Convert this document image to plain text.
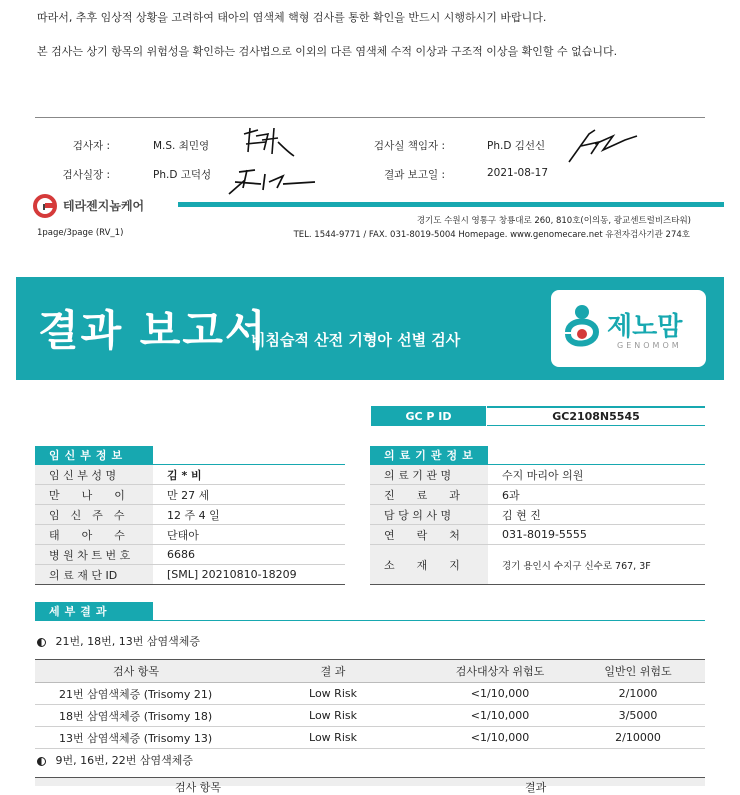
따라서, 추후 임상적 상황을 고려하여 태아의 염색체 핵형 검사를 통한 확인을 반드시 시행하시기 바랍니다.
본 검사는 상기 항목의 위험성을 확인하는 검사법으로 이외의 다른 염색체 수적 이상과 구조적 이상을 확인할 수 없습니다.
검사자 :	M.S. 최민영	검사실 책임자 :	Ph.D 김선신
검사실장 :	Ph.D 고덕성	결과 보고일 :	2021-08-17
테라젠지놈케어
경기도 수원시 영통구 창룡대로 260, 810호(이의동, 광교센트럴비즈타워)
TEL. 1544-9771 / FAX. 031-8019-5004 Homepage. www.genomecare.net 유전자검사기관 274호
1page/3page (RV_1)
결과 보고서
비침습적 산전 기형아 선별 검사	제노맘
GENOMOM
GC P ID	GC2108N5545
임신부정보
임 신 부 성 명	김 * 비
만　　나　　이	만 27 세
임　신　주　수	12 주 4 일
태　　아　　수	단태아
병 원 차 트 번 호	6686
의 료 재 단 ID	[SML] 20210810-18209
의료기관정보
의 료 기 관 명	수지 마리아 의원
진　　료　　과	6과
담 당 의 사 명	김 현 진
연　　락　　처	031-8019-5555
소　　재　　지	경기 용인시 수지구 신수로 767, 3F
세부결과
21번, 18번, 13번 삼염색체증
검사 항목	결 과	검사대상자 위험도	일반인 위험도
21번 삼염색체증 (Trisomy 21)	Low Risk	<1/10,000	2/1000
18번 삼염색체증 (Trisomy 18)	Low Risk	<1/10,000	3/5000
13번 삼염색체증 (Trisomy 13)	Low Risk	<1/10,000	2/10000
9번, 16번, 22번 삼염색체증
검사 항목	결과
